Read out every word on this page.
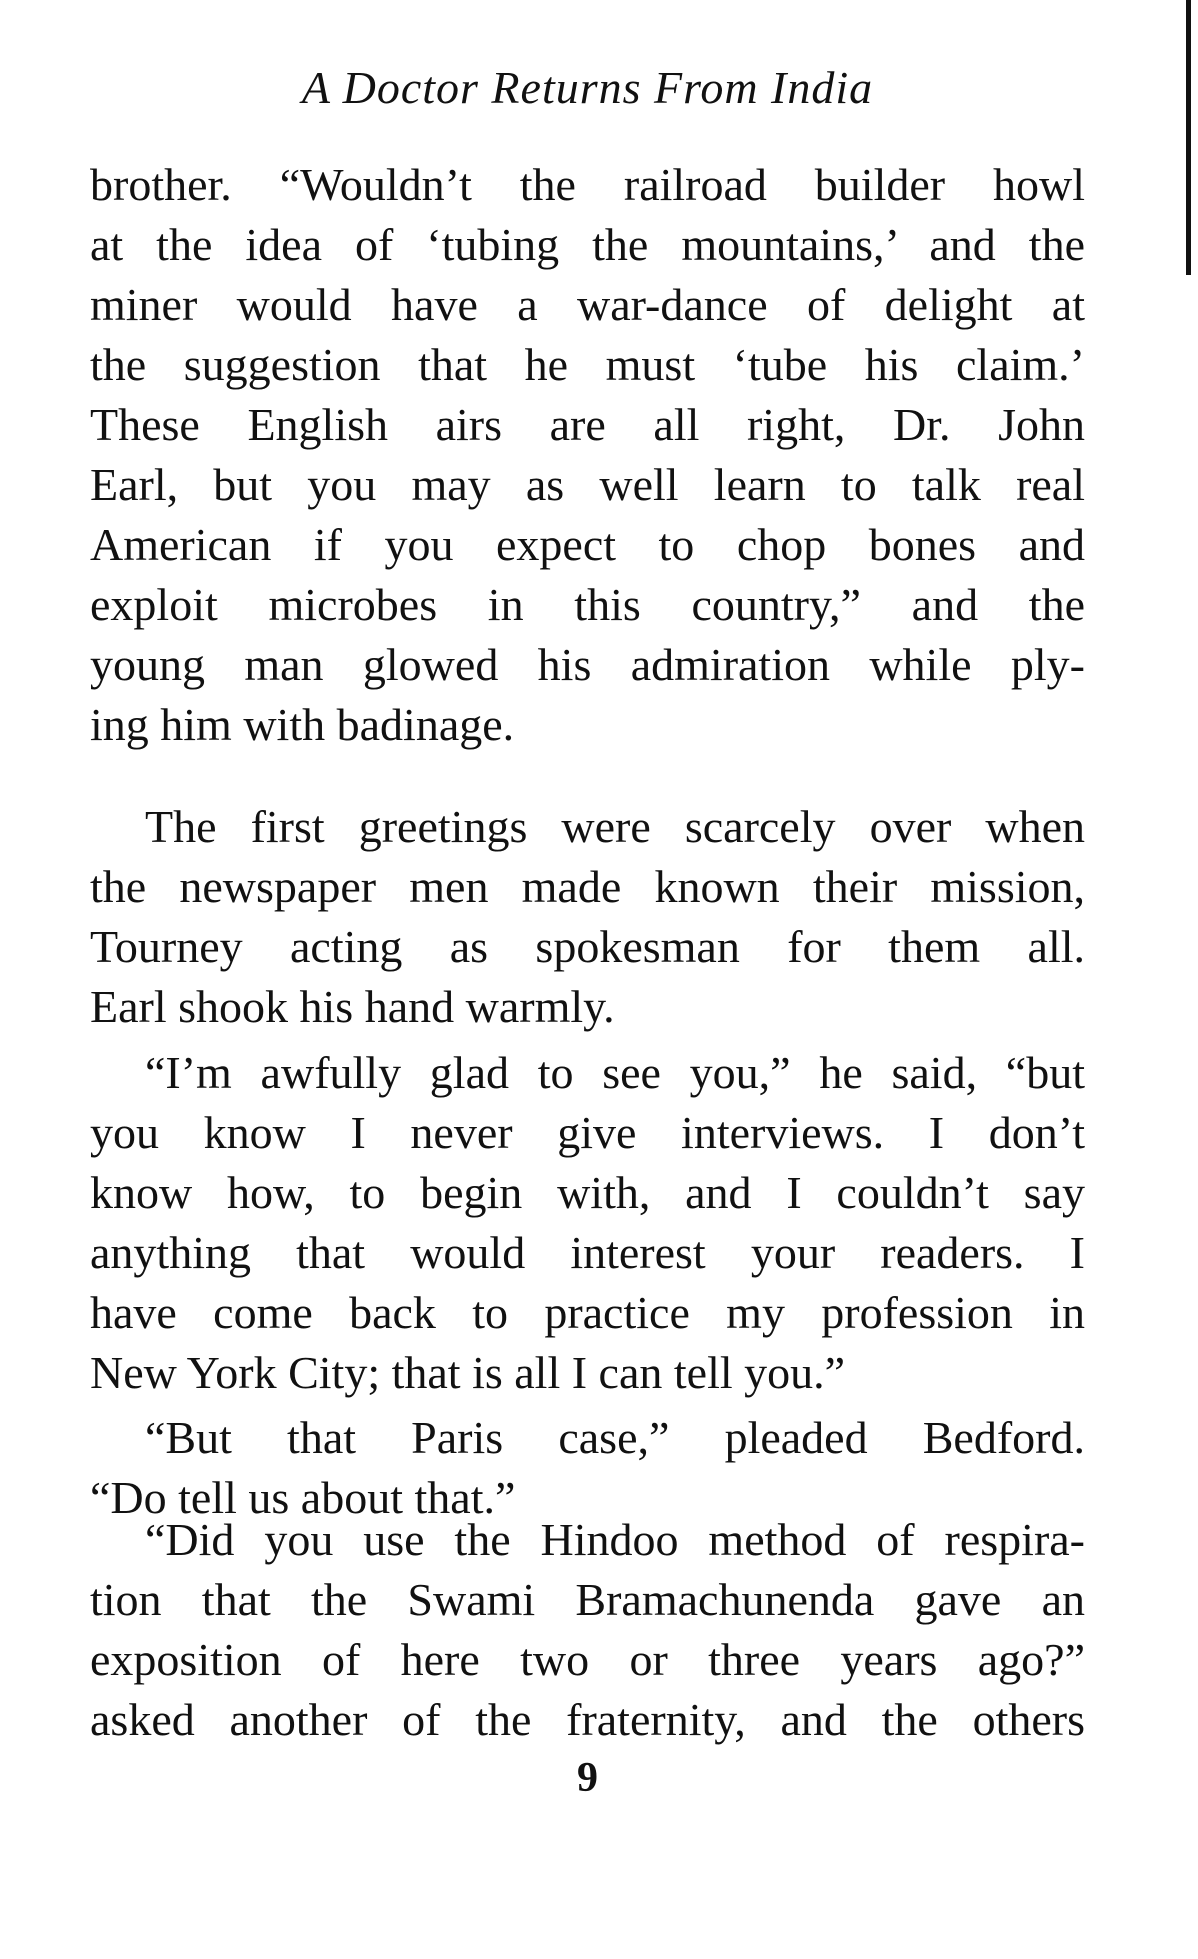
A Doctor Returns From India
brother. “Wouldn’t the railroad builder howl
at the idea of ‘tubing the mountains,’ and the
miner would have a war-dance of delight at
the suggestion that he must ‘tube his claim.’
These English airs are all right, Dr. John
Earl, but you may as well learn to talk real
American if you expect to chop bones and
exploit microbes in this country,” and the
young man glowed his admiration while ply-
ing him with badinage.
The first greetings were scarcely over when
the newspaper men made known their mission,
Tourney acting as spokesman for them all.
Earl shook his hand warmly.
“I’m awfully glad to see you,” he said, “but
you know I never give interviews. I don’t
know how, to begin with, and I couldn’t say
anything that would interest your readers. I
have come back to practice my profession in
New York City; that is all I can tell you.”
“But that Paris case,” pleaded Bedford.
“Do tell us about that.”
“Did you use the Hindoo method of respira-
tion that the Swami Bramachunenda gave an
exposition of here two or three years ago?”
asked another of the fraternity, and the others
9
